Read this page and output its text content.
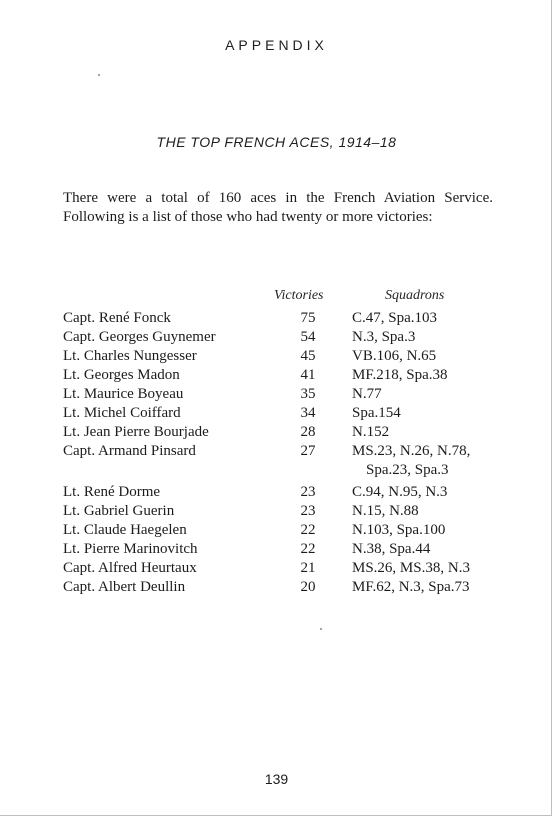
APPENDIX
THE TOP FRENCH ACES, 1914–18
There were a total of 160 aces in the French Aviation Service. Following is a list of those who had twenty or more victories:
Victories	Squadrons
Capt. René Fonck	75 C.47, Spa.103
Capt. Georges Guynemer	54 N.3, Spa.3
Lt. Charles Nungesser	45 VB.106, N.65
Lt. Georges Madon	41 MF.218, Spa.38
Lt. Maurice Boyeau	35 N.77
Lt. Michel Coiffard	34 Spa.154
Lt. Jean Pierre Bourjade	28 N.152
Capt. Armand Pinsard	27 MS.23, N.26, N.78,
Spa.23, Spa.3
Lt. René Dorme	23 C.94, N.95, N.3
Lt. Gabriel Guerin	23 N.15, N.88
Lt. Claude Haegelen	22 N.103, Spa.100
Lt. Pierre Marinovitch	22 N.38, Spa.44
Capt. Alfred Heurtaux	21 MS.26, MS.38, N.3
Capt. Albert Deullin	20 MF.62, N.3, Spa.73
139
